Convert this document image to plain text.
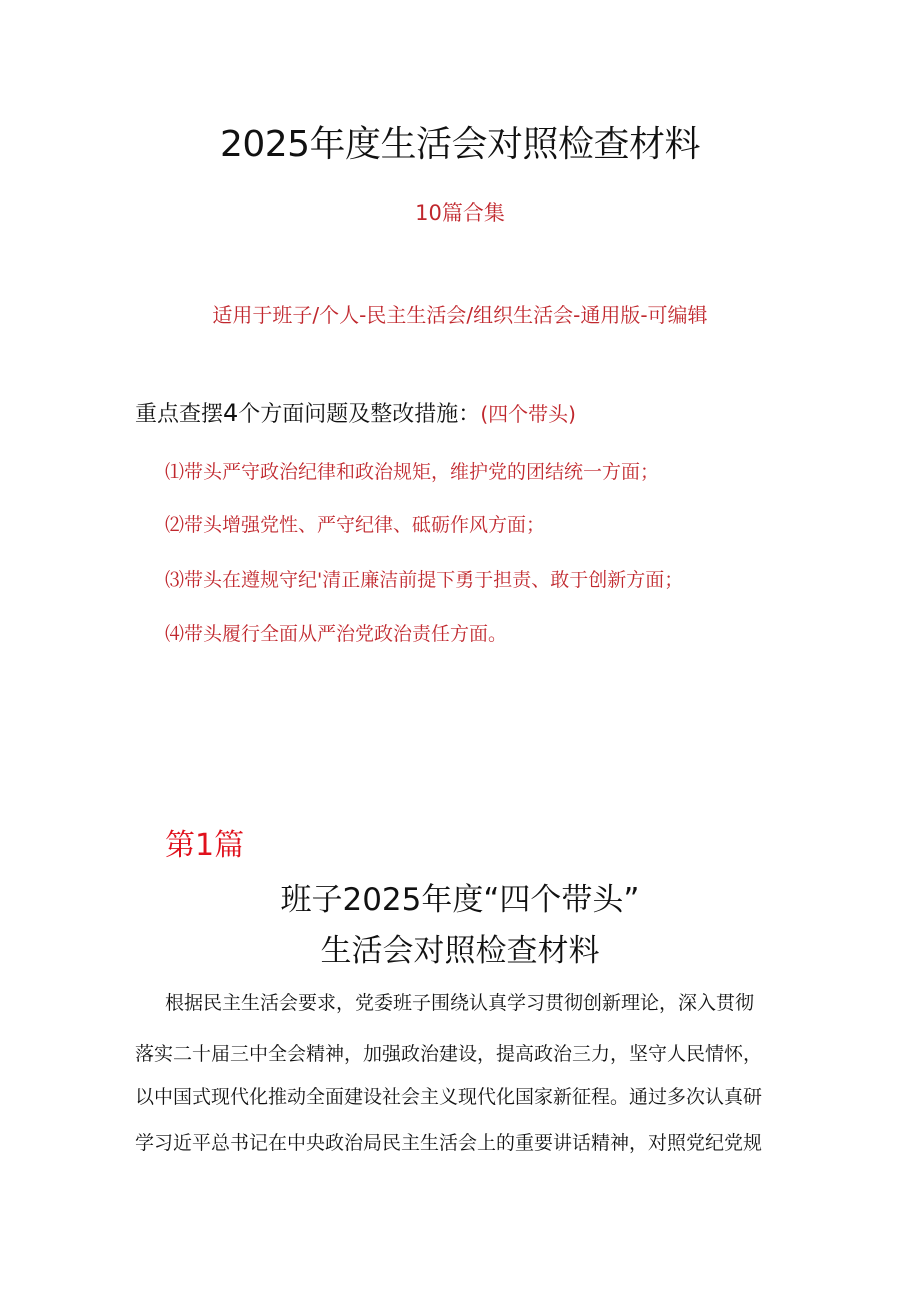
2025年度生活会对照检查材料
10篇合集
适用于班子/个人-民主生活会/组织生活会-通用版-可编辑
重点查摆4个方面问题及整改措施：(四个带头)
⑴带头严守政治纪律和政治规矩，维护党的团结统一方面；
⑵带头增强党性、严守纪律、砥砺作风方面；
⑶带头在遵规守纪'清正廉洁前提下勇于担责、敢于创新方面；
⑷带头履行全面从严治党政治责任方面。
第1篇
班子2025年度“四个带头”
生活会对照检查材料
根据民主生活会要求，党委班子围绕认真学习贯彻创新理论，深入贯彻
落实二十届三中全会精神，加强政治建设，提高政治三力，坚守人民情怀，
以中国式现代化推动全面建设社会主义现代化国家新征程。通过多次认真研
学习近平总书记在中央政治局民主生活会上的重要讲话精神，对照党纪党规
